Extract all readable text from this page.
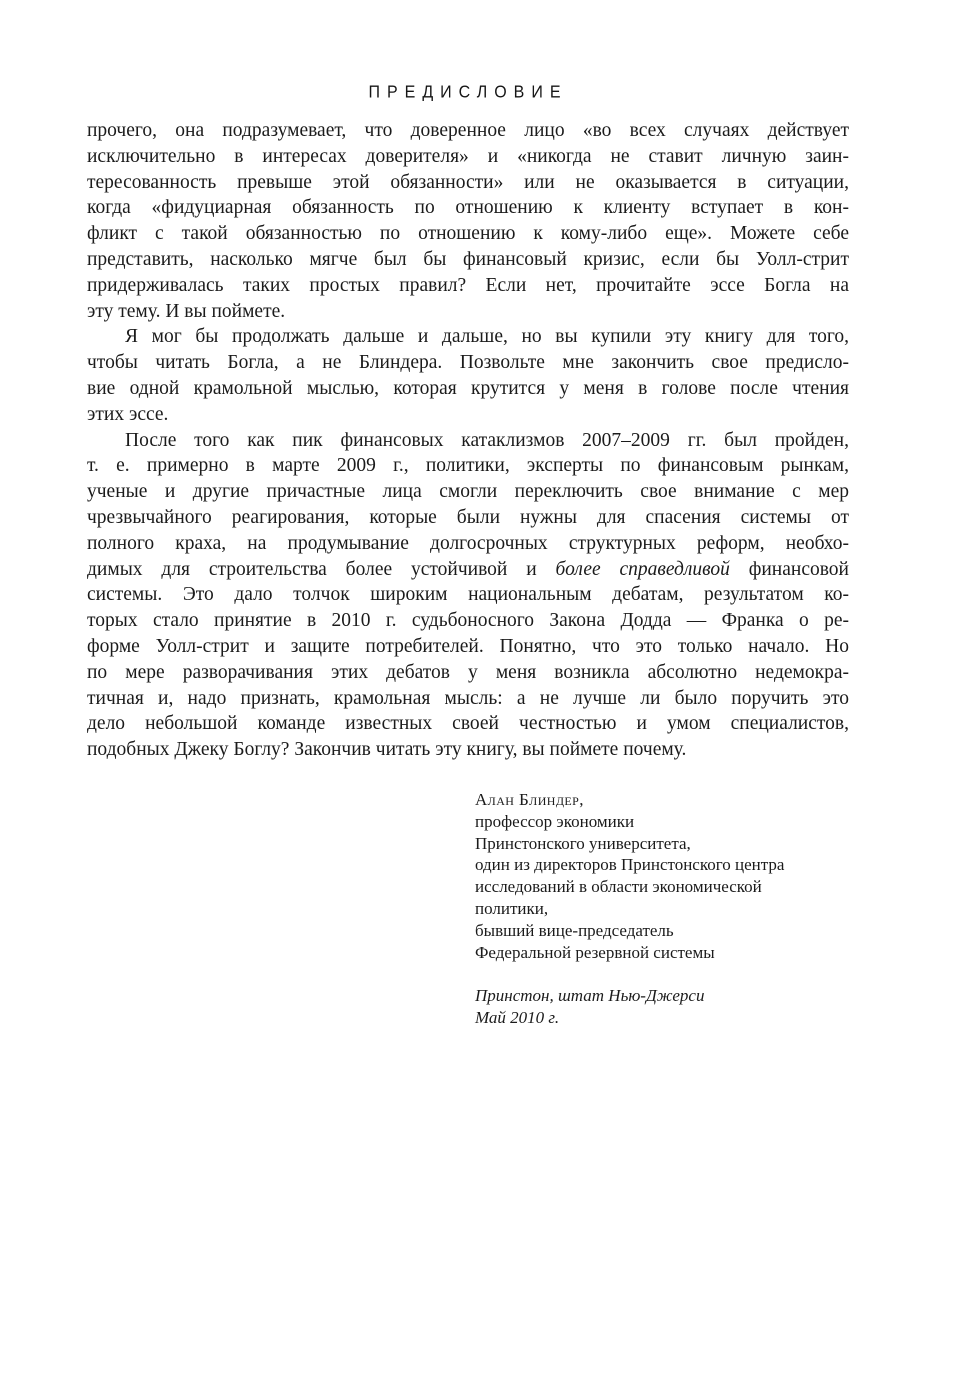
ПРЕДИСЛОВИЕ
прочего, она подразумевает, что доверенное лицо «во всех случаях действует
исключительно в интересах доверителя» и «никогда не ставит личную заин-
тересованность превыше этой обязанности» или не оказывается в ситуации,
когда «фидуциарная обязанность по отношению к клиенту вступает в кон-
фликт с такой обязанностью по отношению к кому-либо еще». Можете себе
представить, насколько мягче был бы финансовый кризис, если бы Уолл-стрит
придерживалась таких простых правил? Если нет, прочитайте эссе Богла на
эту тему. И вы поймете.
Я мог бы продолжать дальше и дальше, но вы купили эту книгу для того,
чтобы читать Богла, а не Блиндера. Позвольте мне закончить свое предисло-
вие одной крамольной мыслью, которая крутится у меня в голове после чтения
этих эссе.
После того как пик финансовых катаклизмов 2007–2009 гг. был пройден,
т. е. примерно в марте 2009 г., политики, эксперты по финансовым рынкам,
ученые и другие причастные лица смогли переключить свое внимание с мер
чрезвычайного реагирования, которые были нужны для спасения системы от
полного краха, на продумывание долгосрочных структурных реформ, необхо-
димых для строительства более устойчивой и более справедливой финансовой
системы. Это дало толчок широким национальным дебатам, результатом ко-
торых стало принятие в 2010 г. судьбоносного Закона Додда — Франка о ре-
форме Уолл-стрит и защите потребителей. Понятно, что это только начало. Но
по мере разворачивания этих дебатов у меня возникла абсолютно недемокра-
тичная и, надо признать, крамольная мысль: а не лучше ли было поручить это
дело небольшой команде известных своей честностью и умом специалистов,
подобных Джеку Боглу? Закончив читать эту книгу, вы поймете почему.
Алан Блиндер,
профессор экономики
Принстонского университета,
один из директоров Принстонского центра
исследований в области экономической
политики,
бывший вице-председатель
Федеральной резервной системы
Принстон, штат Нью-Джерси
Май 2010 г.
